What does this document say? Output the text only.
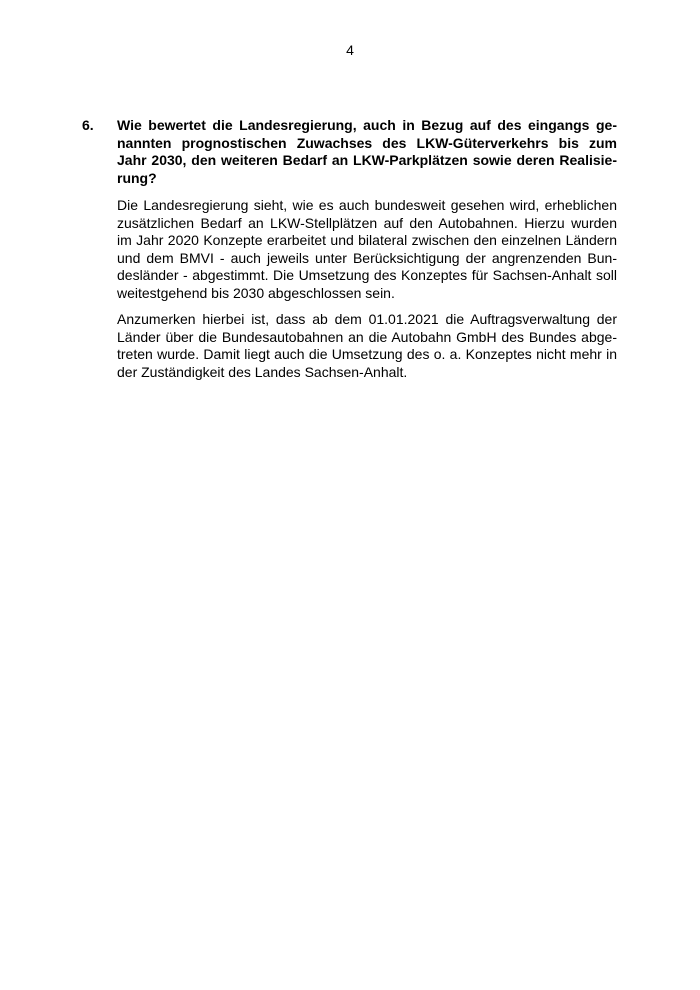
4
6.	Wie bewertet die Landesregierung, auch in Bezug auf des eingangs ge-
nannten prognostischen Zuwachses des LKW-Güterverkehrs bis zum
Jahr 2030, den weiteren Bedarf an LKW-Parkplätzen sowie deren Realisie-
rung?

Die Landesregierung sieht, wie es auch bundesweit gesehen wird, erheblichen
zusätzlichen Bedarf an LKW-Stellplätzen auf den Autobahnen. Hierzu wurden
im Jahr 2020 Konzepte erarbeitet und bilateral zwischen den einzelnen Ländern
und dem BMVI - auch jeweils unter Berücksichtigung der angrenzenden Bun-
desländer - abgestimmt. Die Umsetzung des Konzeptes für Sachsen-Anhalt soll
weitestgehend bis 2030 abgeschlossen sein.

Anzumerken hierbei ist, dass ab dem 01.01.2021 die Auftragsverwaltung der
Länder über die Bundesautobahnen an die Autobahn GmbH des Bundes abge-
treten wurde. Damit liegt auch die Umsetzung des o. a. Konzeptes nicht mehr in
der Zuständigkeit des Landes Sachsen-Anhalt.
